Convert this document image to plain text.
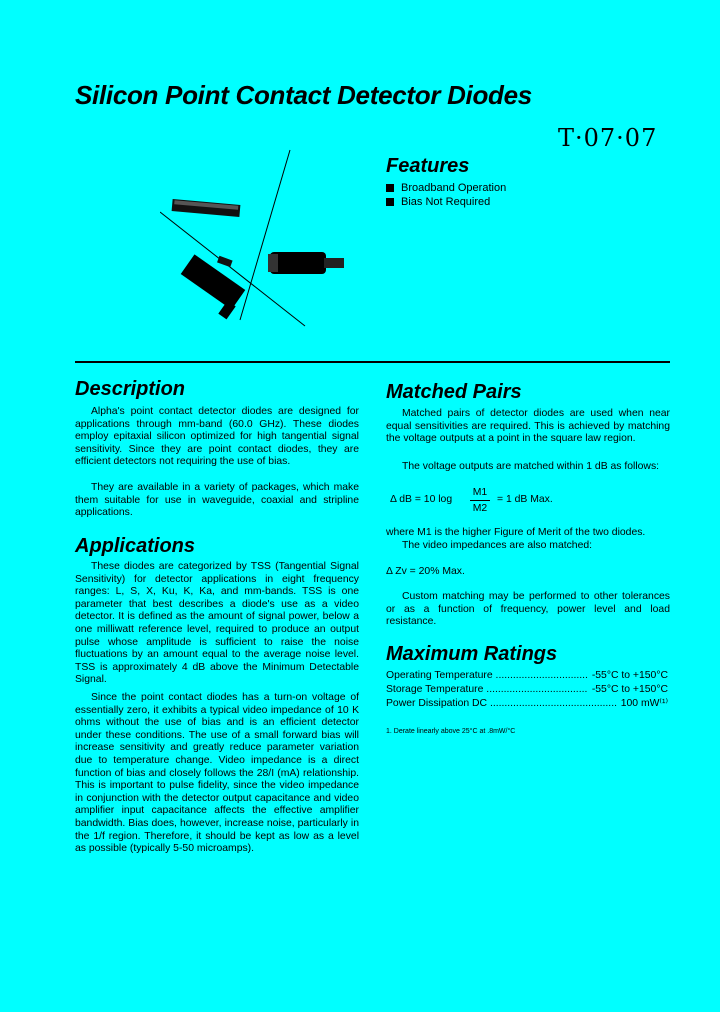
Silicon Point Contact Detector Diodes
T·07·07
Features
Broadband Operation
Bias Not Required
Description
Alpha's point contact detector diodes are designed for applications through mm-band (60.0 GHz). These diodes employ epitaxial silicon optimized for high tangential signal sensitivity. Since they are point contact diodes, they are efficient detectors not requiring the use of bias.
They are available in a variety of packages, which make them suitable for use in waveguide, coaxial and stripline applications.
Applications
These diodes are categorized by TSS (Tangential Signal Sensitivity) for detector applications in eight frequency ranges: L, S, X, Ku, K, Ka, and mm-bands. TSS is one parameter that best describes a diode's use as a video detector. It is defined as the amount of signal power, below a one milliwatt reference level, required to produce an output pulse whose amplitude is sufficient to raise the noise fluctuations by an amount equal to the average noise level. TSS is approximately 4 dB above the Minimum Detectable Signal.
Since the point contact diodes has a turn-on voltage of essentially zero, it exhibits a typical video impedance of 10 K ohms without the use of bias and is an efficient detector under these conditions. The use of a small forward bias will increase sensitivity and greatly reduce parameter variation due to temperature change. Video impedance is a direct function of bias and closely follows the 28/I (mA) relationship. This is important to pulse fidelity, since the video impedance in conjunction with the detector output capacitance and video amplifier input capacitance affects the effective amplifier bandwidth. Bias does, however, increase noise, particularly in the 1/f region. Therefore, it should be kept as low as a level as possible (typically 5-50 microamps).
Matched Pairs
Matched pairs of detector diodes are used when near equal sensitivities are required. This is achieved by matching the voltage outputs at a point in the square law region.
The voltage outputs are matched within 1 dB as follows:
Δ dB = 10 log
M1
M2
= 1 dB Max.
where M1 is the higher Figure of Merit of the two diodes.
The video impedances are also matched:
Δ Zv = 20% Max.
Custom matching may be performed to other tolerances or as a function of frequency, power level and load resistance.
Maximum Ratings
Operating Temperature .....	-55°C to +150°C
Storage Temperature .....	-55°C to +150°C
Power Dissipation DC .....	100 mW⁽¹⁾
1. Derate linearly above 25°C at .8mW/°C
